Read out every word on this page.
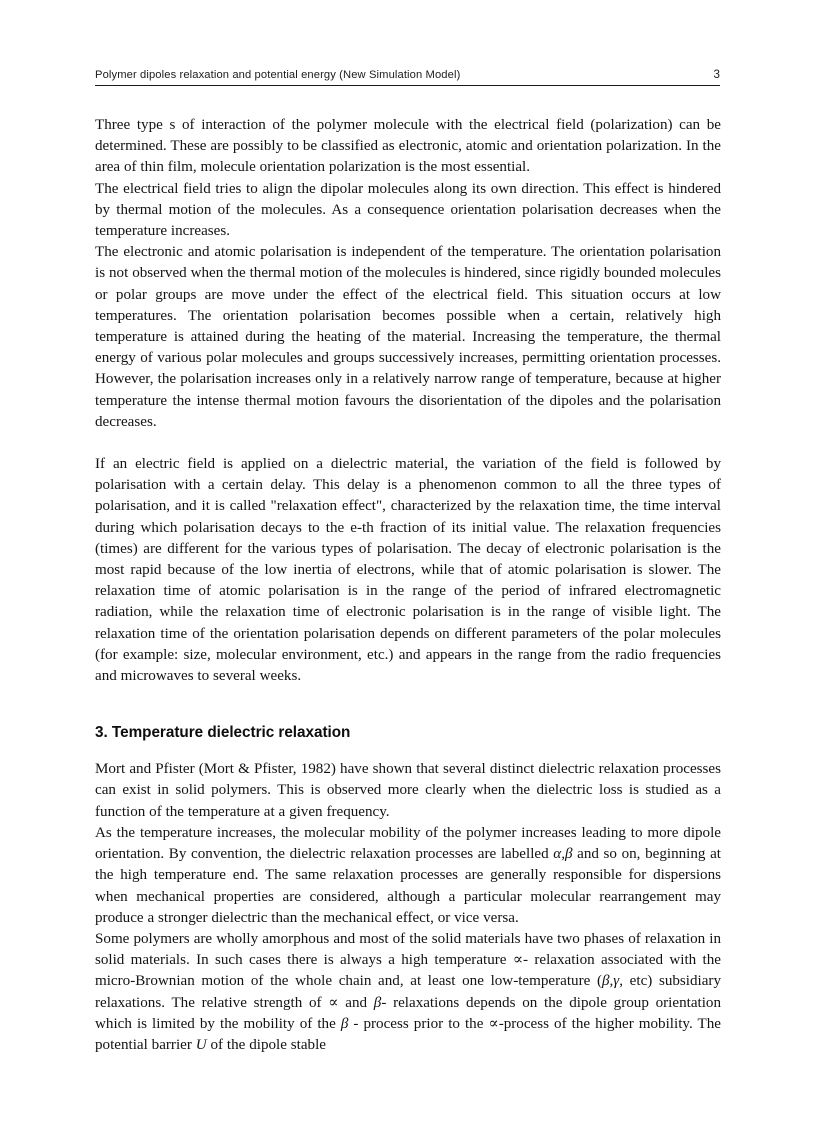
Polymer dipoles relaxation and potential energy (New Simulation Model)	3

Three type s of interaction of the polymer molecule with the electrical field (polarization) can be determined. These are possibly to be classified as electronic, atomic and orientation polarization. In the area of thin film, molecule orientation polarization is the most essential.

The electrical field tries to align the dipolar molecules along its own direction. This effect is hindered by thermal motion of the molecules. As a consequence orientation polarisation decreases when the temperature increases.

The electronic and atomic polarisation is independent of the temperature. The orientation polarisation is not observed when the thermal motion of the molecules is hindered, since rigidly bounded molecules or polar groups are move under the effect of the electrical field. This situation occurs at low temperatures. The orientation polarisation becomes possible when a certain, relatively high temperature is attained during the heating of the material. Increasing the temperature, the thermal energy of various polar molecules and groups successively increases, permitting orientation processes. However, the polarisation increases only in a relatively narrow range of temperature, because at higher temperature the intense thermal motion favours the disorientation of the dipoles and the polarisation decreases.

If an electric field is applied on a dielectric material, the variation of the field is followed by polarisation with a certain delay. This delay is a phenomenon common to all the three types of polarisation, and it is called "relaxation effect", characterized by the relaxation time, the time interval during which polarisation decays to the e-th fraction of its initial value. The relaxation frequencies (times) are different for the various types of polarisation. The decay of electronic polarisation is the most rapid because of the low inertia of electrons, while that of atomic polarisation is slower. The relaxation time of atomic polarisation is in the range of the period of infrared electromagnetic radiation, while the relaxation time of electronic polarisation is in the range of visible light. The relaxation time of the orientation polarisation depends on different parameters of the polar molecules (for example: size, molecular environment, etc.) and appears in the range from the radio frequencies and microwaves to several weeks.

3. Temperature dielectric relaxation

Mort and Pfister (Mort & Pfister, 1982) have shown that several distinct dielectric relaxation processes can exist in solid polymers. This is observed more clearly when the dielectric loss is studied as a function of the temperature at a given frequency.

As the temperature increases, the molecular mobility of the polymer increases leading to more dipole orientation. By convention, the dielectric relaxation processes are labelled α,β and so on, beginning at the high temperature end. The same relaxation processes are generally responsible for dispersions when mechanical properties are considered, although a particular molecular rearrangement may produce a stronger dielectric than the mechanical effect, or vice versa.

Some polymers are wholly amorphous and most of the solid materials have two phases of relaxation in solid materials. In such cases there is always a high temperature ∝- relaxation associated with the micro-Brownian motion of the whole chain and, at least one low-temperature (β,γ, etc) subsidiary relaxations. The relative strength of ∝ and β- relaxations depends on the dipole group orientation which is limited by the mobility of the β - process prior to the ∝-process of the higher mobility. The potential barrier U of the dipole stable
